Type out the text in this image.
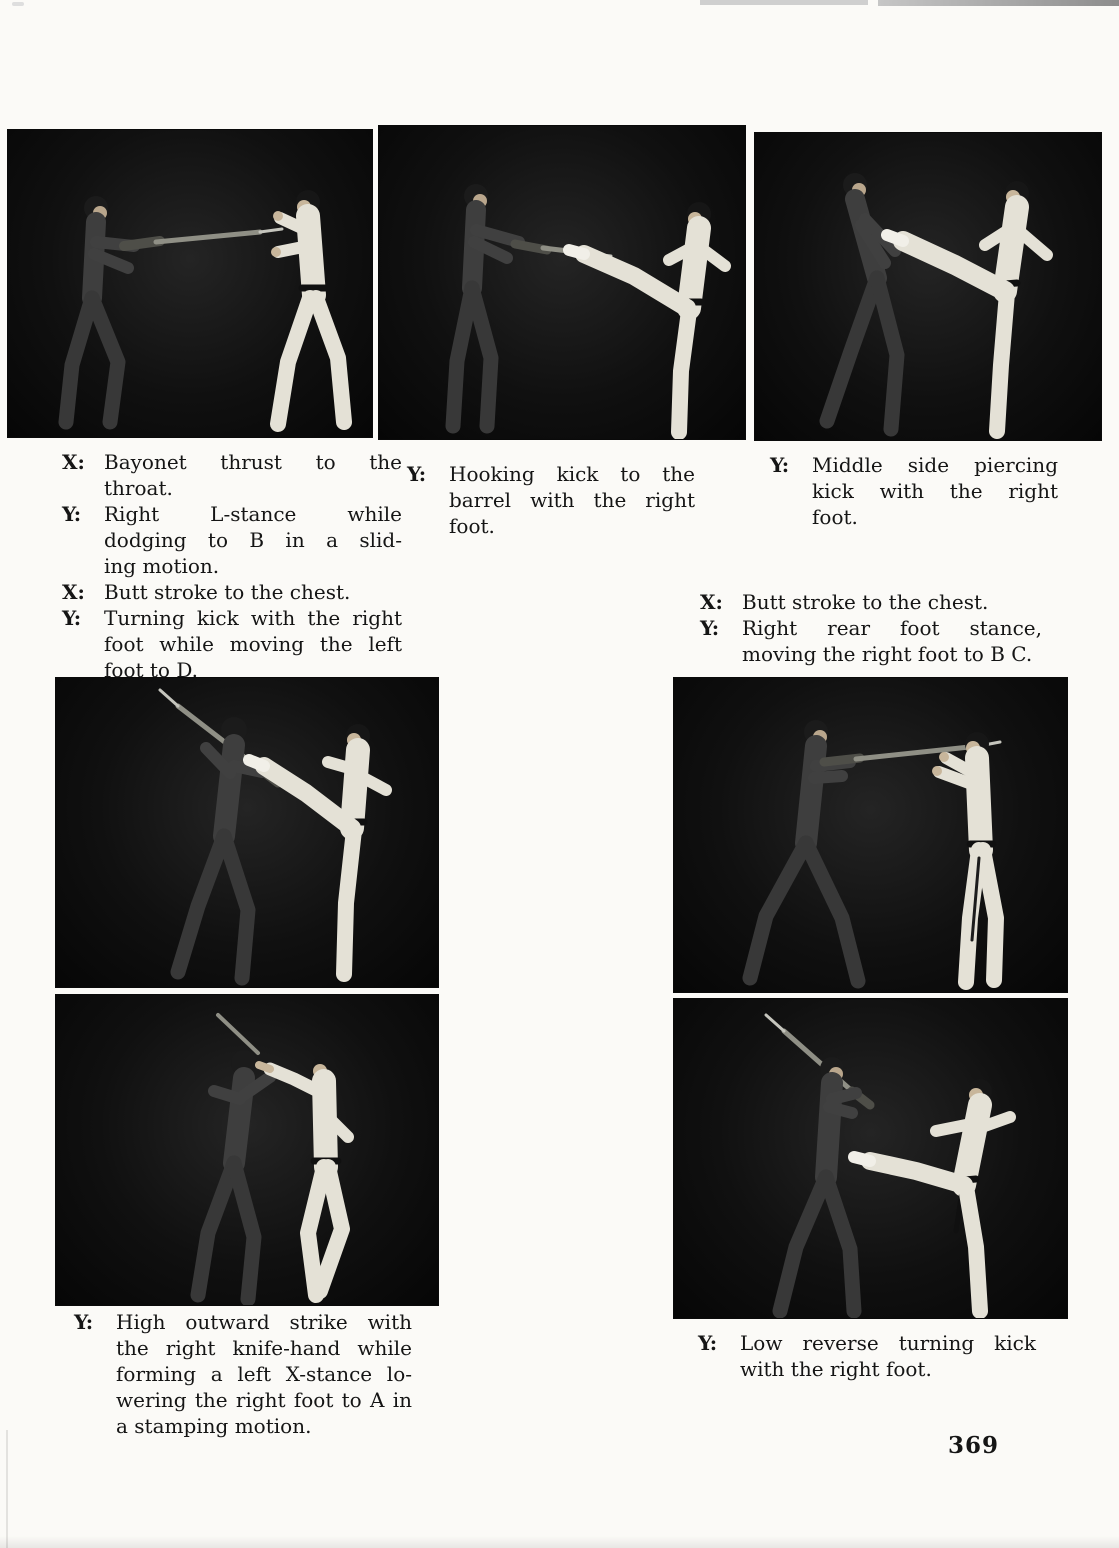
X: Bayonet thrust to the
throat.
Y:	Right L-stance while
dodging to B in a slid-
ing motion.
X: Butt stroke to the chest.
Y:	Turning kick with the right
foot while moving the left
foot to D.
Y:	Hooking kick to the
barrel with the right
foot.
Y:	Middle side piercing
kick with the right
foot.
X: Butt stroke to the chest.
Y:	Right rear foot stance,
moving the right foot to B C.
Y:	High outward strike with
the right knife-hand while
forming a left X-stance lo-
wering the right foot to A in
a stamping motion.
Y:	Low reverse turning kick
with the right foot.
369
